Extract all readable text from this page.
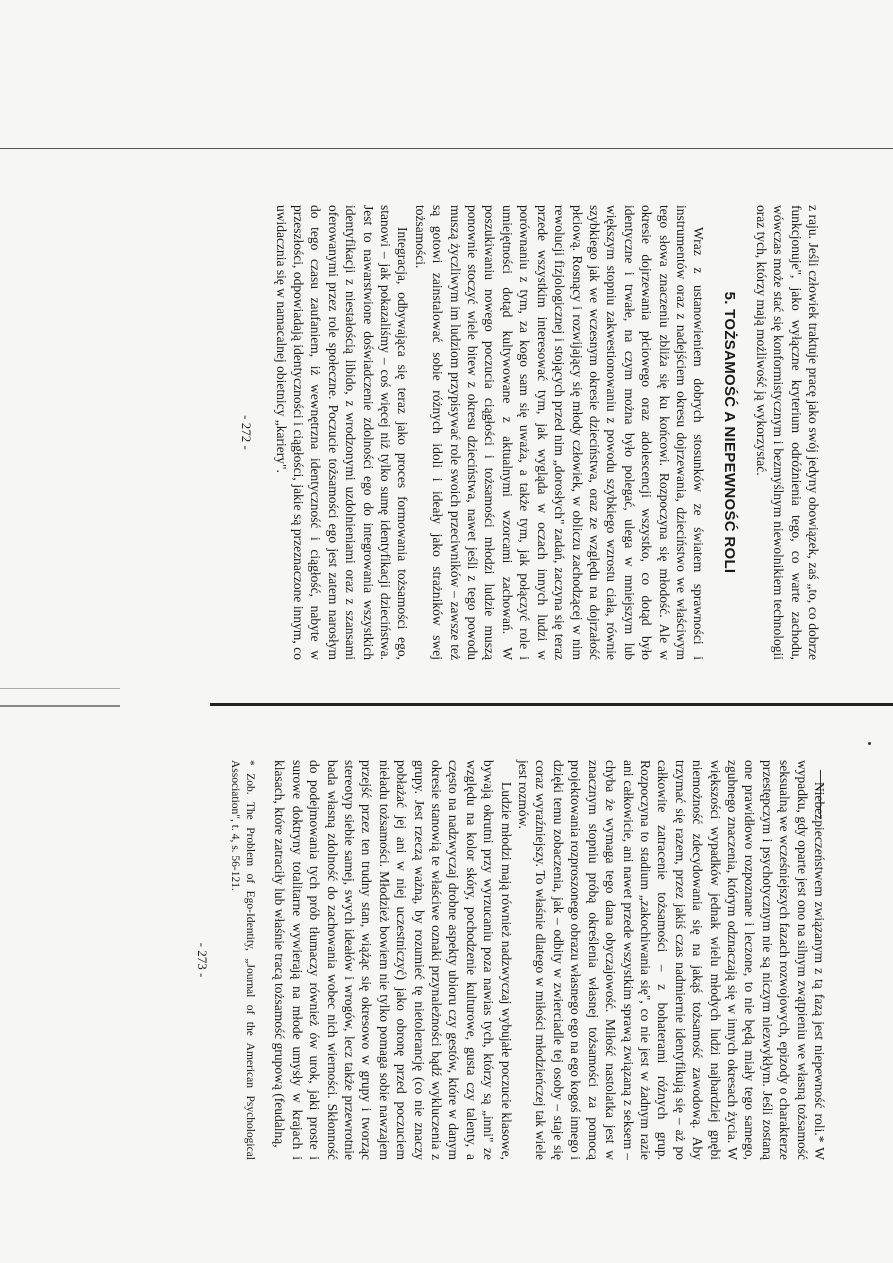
z raju. Jeśli człowiek traktuje pracę jako swój jedyny obowiązek, zaś „to, co dobrze funkcjonuje", jako wyłączne kryterium odróżnienia tego, co warte zachodu, wówczas może stać się konformistycznym i bezmyślnym niewolnikiem technologii oraz tych, którzy mają możliwość ją wykorzystać.

5. TOŻSAMOŚĆ A NIEPEWNOŚĆ ROLI

Wraz z ustanowieniem dobrych stosunków ze światem sprawności i instrumentów oraz z nadejściem okresu dojrzewania, dzieciństwo we właściwym tego słowa znaczeniu zbliża się ku końcowi. Rozpoczyna się młodość. Ale w okresie dojrzewania płciowego oraz adolescencji wszystko, co dotąd było identyczne i trwałe, na czym można było polegać, ulega w mniejszym lub większym stopniu zakwestionowaniu z powodu szybkiego wzrostu ciała, równie szybkiego jak we wczesnym okresie dzieciństwa, oraz ze względu na dojrzałość płciową. Rosnący i rozwijający się młody człowiek, w obliczu zachodzącej w nim rewolucji fizjologicznej i stojących przed nim „dorosłych" zadań, zaczyna się teraz przede wszystkim interesować tym, jak wygląda w oczach innych ludzi w porównaniu z tym, za kogo sam się uważa, a także tym, jak połączyć role i umiejętności dotąd kultywowane z aktualnymi wzorcami zachowań. W poszukiwaniu nowego poczucia ciągłości i tożsamości młodzi ludzie muszą ponownie stoczyć wiele bitew z okresu dzieciństwa, nawet jeśli z tego powodu muszą życzliwym im ludziom przypisywać role swoich przeciwników – zawsze też są gotowi zainstalować sobie różnych idoli i ideały jako strażników swej tożsamości.

Integracja, odbywająca się teraz jako proces formowania tożsamości ego, stanowi – jak pokazaliśmy – coś więcej niż tylko sumę identyfikacji dzieciństwa. Jest to nawarstwione doświadczenie zdolności ego do integrowania wszystkich identyfikacji z niestałością libido, z wrodzonymi uzdolnieniami oraz z szansami oferowanymi przez role społeczne. Poczucie tożsamości ego jest zatem narosłym do tego czasu zaufaniem, iż wewnętrzna identyczność i ciągłość, nabyte w przeszłości, odpowiadają identyczności i ciągłości, jakie są przeznaczone innym, co uwidacznia się w namacalnej obietnicy „kariery".

- 272 -

Niebezpieczeństwem związanym z tą fazą jest niepewność roli.* W wypadku, gdy oparte jest ono na silnym zwątpieniu we własną tożsamość seksualną we wcześniejszych fazach rozwojowych, epizody o charakterze przestępczym i psychotycznym nie są niczym niezwykłym. Jeśli zostaną one prawidłowo rozpoznane i leczone, to nie będą miały tego samego, zgubnego znaczenia, którym odznaczają się w innych okresach życia. W większości wypadków jednak wielu młodych ludzi najbardziej gnębi niemożność zdecydowania się na jakąś tożsamość zawodową. Aby trzymać się razem, przez jakiś czas nadmiernie identyfikują się – aż po całkowite zatracenie tożsamości – z bohaterami różnych grup. Rozpoczyna to stadium „zakochiwania się", co nie jest w żadnym razie ani całkowicie, ani nawet przede wszystkim sprawą związaną z seksem – chyba że wymaga tego dana obyczajowość. Miłość nastolatka jest w znacznym stopniu próbą określenia własnej tożsamości za pomocą projektowania rozproszonego obrazu własnego ego na ego kogoś innego i dzięki temu zobaczenia, jak – odbity w zwierciadle tej osoby – staje się coraz wyraźniejszy. To właśnie dlatego w miłości młodzieńczej tak wiele jest rozmów.

Ludzie młodzi mają również nadzwyczaj wybujałe poczucie klasowe, bywają okrutni przy wyrzucaniu poza nawias tych, którzy są „inni" ze względu na kolor skóry, pochodzenie kulturowe, gusta czy talenty, a często na nadzwyczaj drobne aspekty ubioru czy gestów, które w danym okresie stanowią te właściwe oznaki przynależności bądź wykluczenia z grupy. Jest rzeczą ważną, by rozumieć tę nietolerancję (co nie znaczy pobłażać jej ani w niej uczestniczyć) jako obronę przed poczuciem nieładu tożsamości. Młodzież bowiem nie tylko pomaga sobie nawzajem przejść przez ten trudny stan, wiążąc się okresowo w grupy i tworząc stereotyp siebie samej, swych ideałów i wrogów, lecz także przewrotnie bada własną zdolność do zachowania wobec nich wierności. Skłonność do podejmowania tych prób tłumaczy również ów urok, jaki proste i surowe doktryny totalitarne wywierają na młode umysły w krajach i klasach, które zatraciły lub właśnie tracą tożsamość grupową (feudalną,

* Zob. The Problem of Ego-Identity, „Journal of the American Psychological Association", t. 4, s. 56-121.

- 273 -
